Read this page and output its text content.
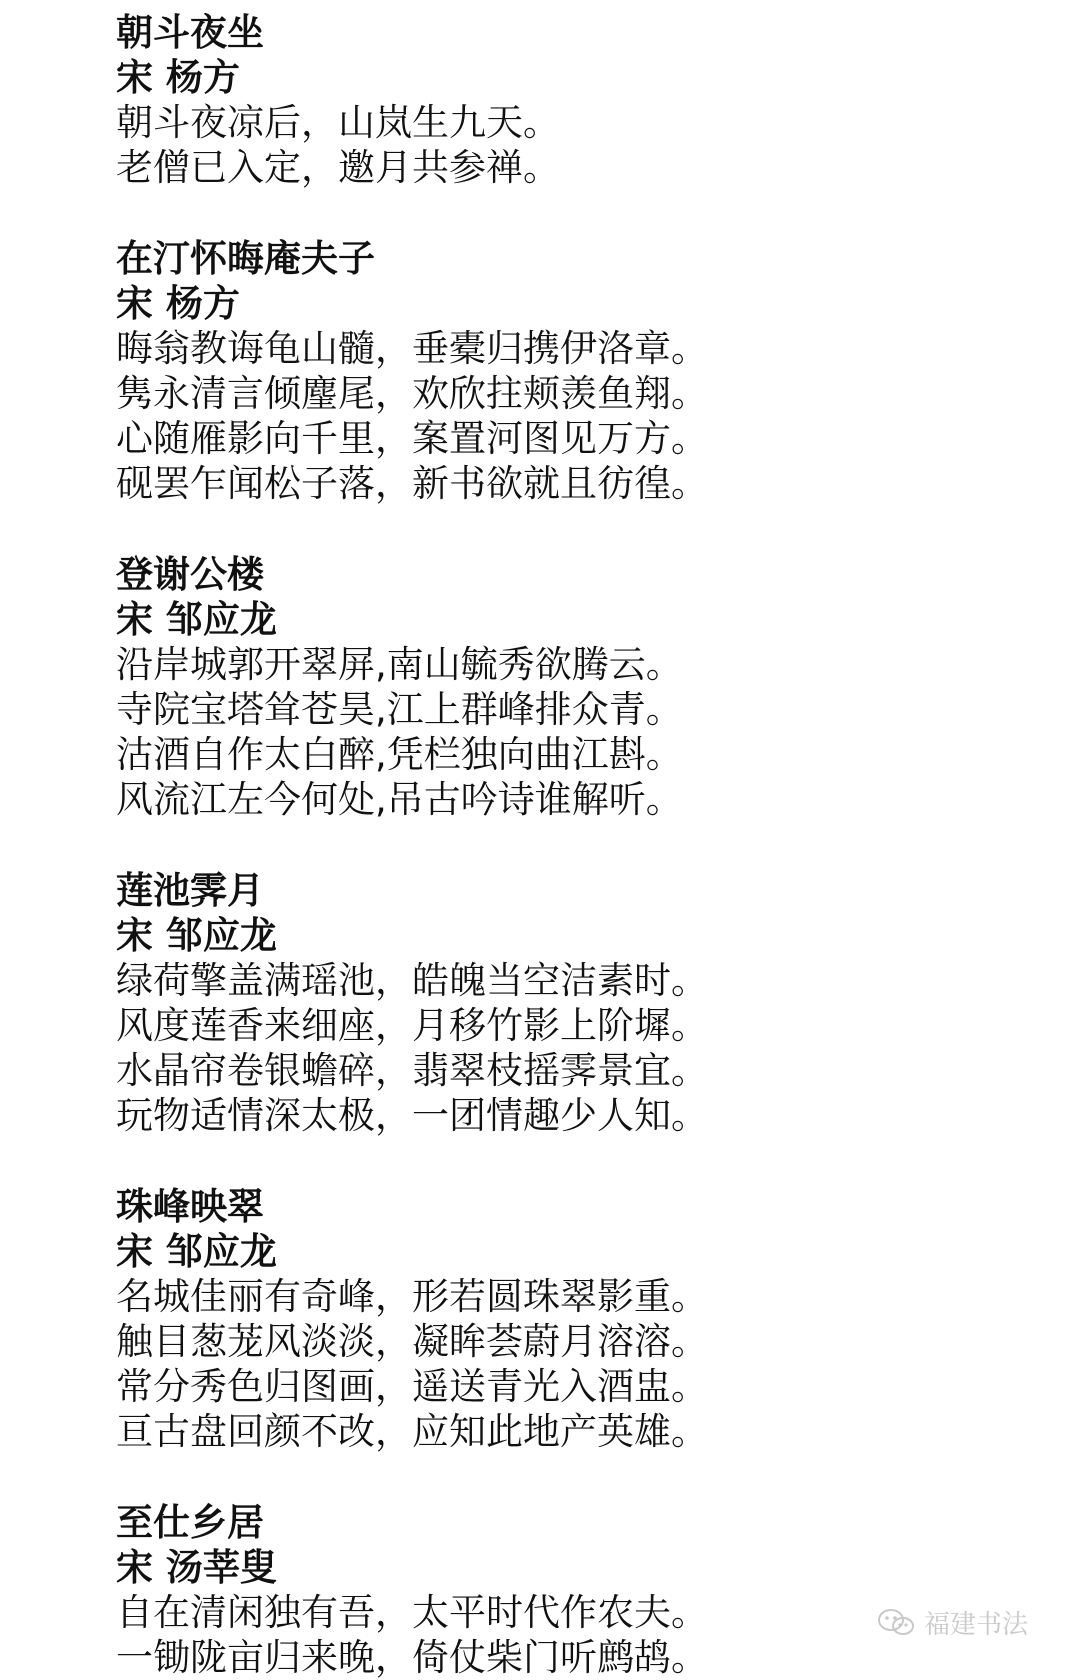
朝斗夜坐
宋 杨方
朝斗夜凉后，山岚生九天。
老僧已入定，邀月共参禅。
在汀怀晦庵夫子
宋 杨方
晦翁教诲龟山髓，垂橐归携伊洛章。
隽永清言倾麈尾，欢欣拄颊羡鱼翔。
心随雁影向千里，案置河图见万方。
砚罢乍闻松子落，新书欲就且彷徨。
登谢公楼
宋 邹应龙
沿岸城郭开翠屏,南山毓秀欲腾云。
寺院宝塔耸苍昊,江上群峰排众青。
沽酒自作太白醉,凭栏独向曲江斟。
风流江左今何处,吊古吟诗谁解听。
莲池霁月
宋 邹应龙
绿荷擎盖满瑶池，皓魄当空洁素时。
风度莲香来细座，月移竹影上阶墀。
水晶帘卷银蟾碎，翡翠枝摇霁景宜。
玩物适情深太极，一团情趣少人知。
珠峰映翠
宋 邹应龙
名城佳丽有奇峰，形若圆珠翠影重。
触目葱茏风淡淡，凝眸荟蔚月溶溶。
常分秀色归图画，遥送青光入酒盅。
亘古盘回颜不改，应知此地产英雄。
至仕乡居
宋 汤莘叟
自在清闲独有吾，太平时代作农夫。
一锄陇亩归来晚，倚仗柴门听鹧鸪。
福建书法
